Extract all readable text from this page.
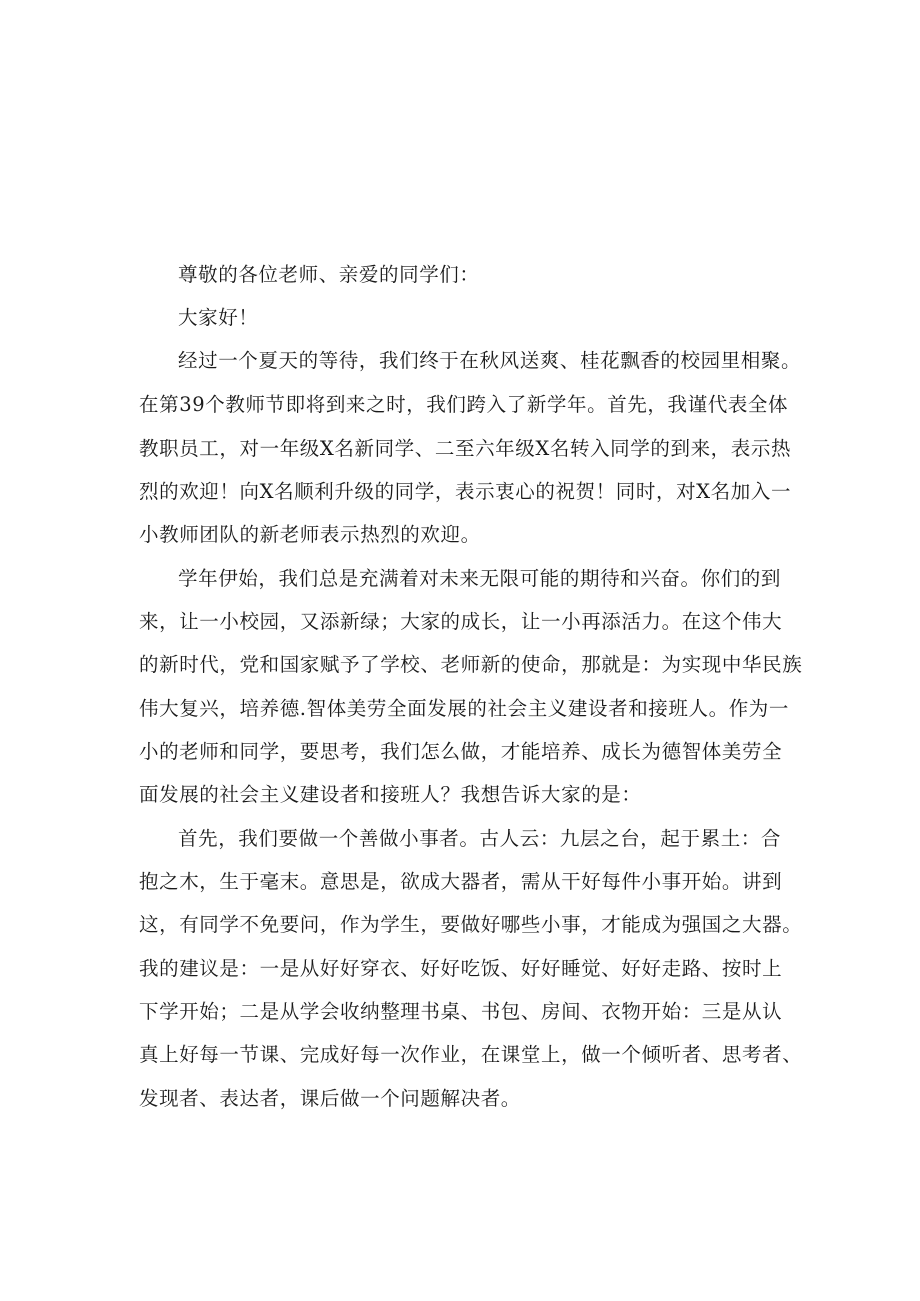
尊敬的各位老师、亲爱的同学们：
大家好！
经过一个夏天的等待，我们终于在秋风送爽、桂花飘香的校园里相聚。
在第39个教师节即将到来之时，我们跨入了新学年。首先，我谨代表全体
教职员工，对一年级X名新同学、二至六年级X名转入同学的到来，表示热
烈的欢迎！向X名顺利升级的同学，表示衷心的祝贺！同时，对X名加入一
小教师团队的新老师表示热烈的欢迎。
学年伊始，我们总是充满着对未来无限可能的期待和兴奋。你们的到
来，让一小校园，又添新绿；大家的成长，让一小再添活力。在这个伟大
的新时代，党和国家赋予了学校、老师新的使命，那就是：为实现中华民族
伟大复兴，培养德.智体美劳全面发展的社会主义建设者和接班人。作为一
小的老师和同学，要思考，我们怎么做，才能培养、成长为德智体美劳全
面发展的社会主义建设者和接班人？我想告诉大家的是：
首先，我们要做一个善做小事者。古人云：九层之台，起于累土：合
抱之木，生于毫末。意思是，欲成大器者，需从干好每件小事开始。讲到
这，有同学不免要问，作为学生，要做好哪些小事，才能成为强国之大器。
我的建议是：一是从好好穿衣、好好吃饭、好好睡觉、好好走路、按时上
下学开始；二是从学会收纳整理书桌、书包、房间、衣物开始：三是从认
真上好每一节课、完成好每一次作业，在课堂上，做一个倾听者、思考者、
发现者、表达者，课后做一个问题解决者。
